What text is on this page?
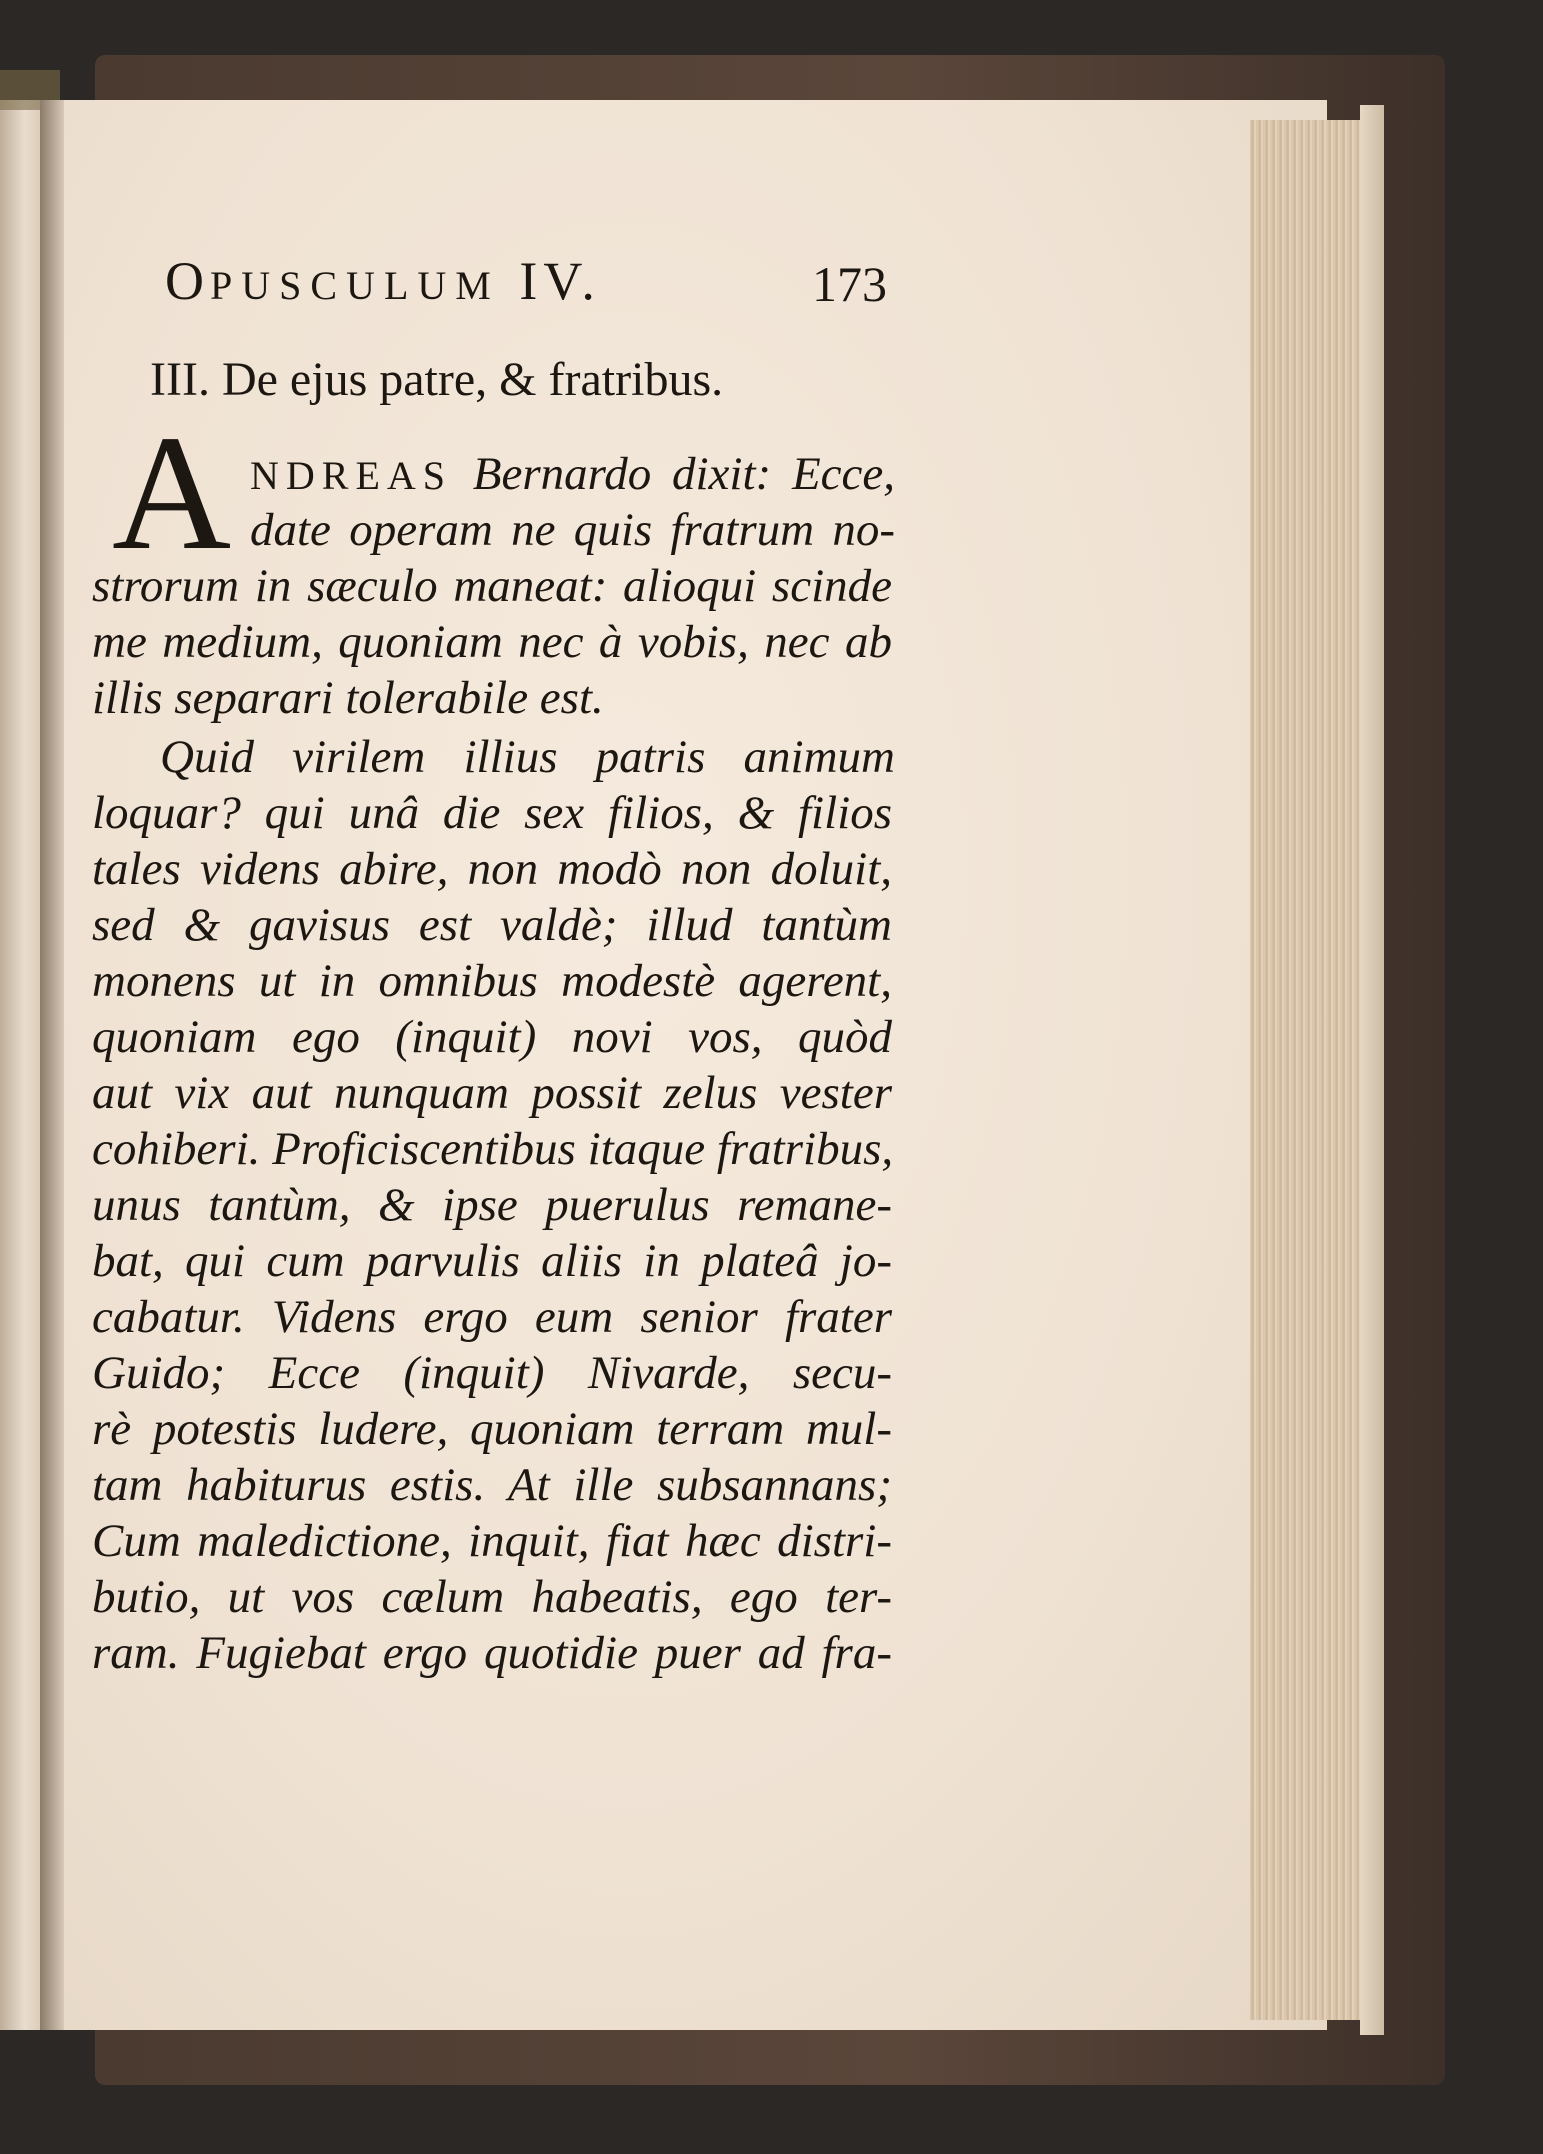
OPUSCULUM IV.	173
III. De ejus patre, & fratribus.
A NDREAS Bernardo dixit: Ecce,
date operam ne quis fratrum no-
strorum in sæculo maneat: alioqui scinde
me medium, quoniam nec à vobis, nec ab
illis separari tolerabile est.
Quid virilem illius patris animum
loquar? qui unâ die sex filios, & filios
tales videns abire, non modò non doluit,
sed & gavisus est valdè; illud tantùm
monens ut in omnibus modestè agerent,
quoniam ego (inquit) novi vos, quòd
aut vix aut nunquam possit zelus vester
cohiberi. Proficiscentibus itaque fratribus,
unus tantùm, & ipse puerulus remane-
bat, qui cum parvulis aliis in plateâ jo-
cabatur. Videns ergo eum senior frater
Guido; Ecce (inquit) Nivarde, secu-
rè potestis ludere, quoniam terram mul-
tam habiturus estis. At ille subsannans;
Cum maledictione, inquit, fiat hæc distri-
butio, ut vos cælum habeatis, ego ter-
ram. Fugiebat ergo quotidie puer ad fra-
